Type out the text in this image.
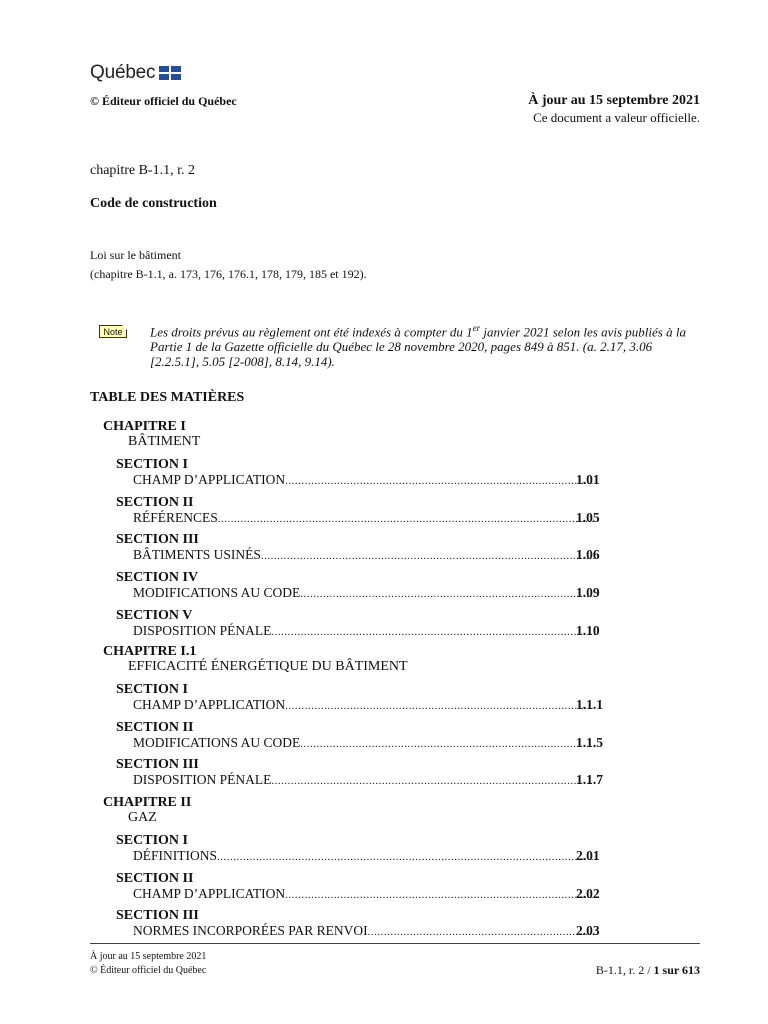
Québec
© Éditeur officiel du Québec	À jour au 15 septembre 2021
Ce document a valeur officielle.
chapitre B-1.1, r. 2
Code de construction
Loi sur le bâtiment
(chapitre B-1.1, a. 173, 176, 176.1, 178, 179, 185 et 192).
Note	Les droits prévus au règlement ont été indexés à compter du 1er janvier 2021 selon les avis publiés à la Partie 1 de la Gazette officielle du Québec le 28 novembre 2020, pages 849 à 851. (a. 2.17, 3.06 [2.2.5.1], 5.05 [2-008], 8.14, 9.14).
TABLE DES MATIÈRES
CHAPITRE I
BÂTIMENT
SECTION I
CHAMP D’APPLICATION .....	1.01
SECTION II
RÉFÉRENCES .....	1.05
SECTION III
BÂTIMENTS USINÉS .....	1.06
SECTION IV
MODIFICATIONS AU CODE .....	1.09
SECTION V
DISPOSITION PÉNALE .....	1.10
CHAPITRE I.1
EFFICACITÉ ÉNERGÉTIQUE DU BÂTIMENT
SECTION I
CHAMP D’APPLICATION .....	1.1.1
SECTION II
MODIFICATIONS AU CODE .....	1.1.5
SECTION III
DISPOSITION PÉNALE .....	1.1.7
CHAPITRE II
GAZ
SECTION I
DÉFINITIONS .....	2.01
SECTION II
CHAMP D’APPLICATION .....	2.02
SECTION III
NORMES INCORPORÉES PAR RENVOI .....	2.03
À jour au 15 septembre 2021
© Éditeur officiel du Québec	B-1.1, r. 2 / 1 sur 613
